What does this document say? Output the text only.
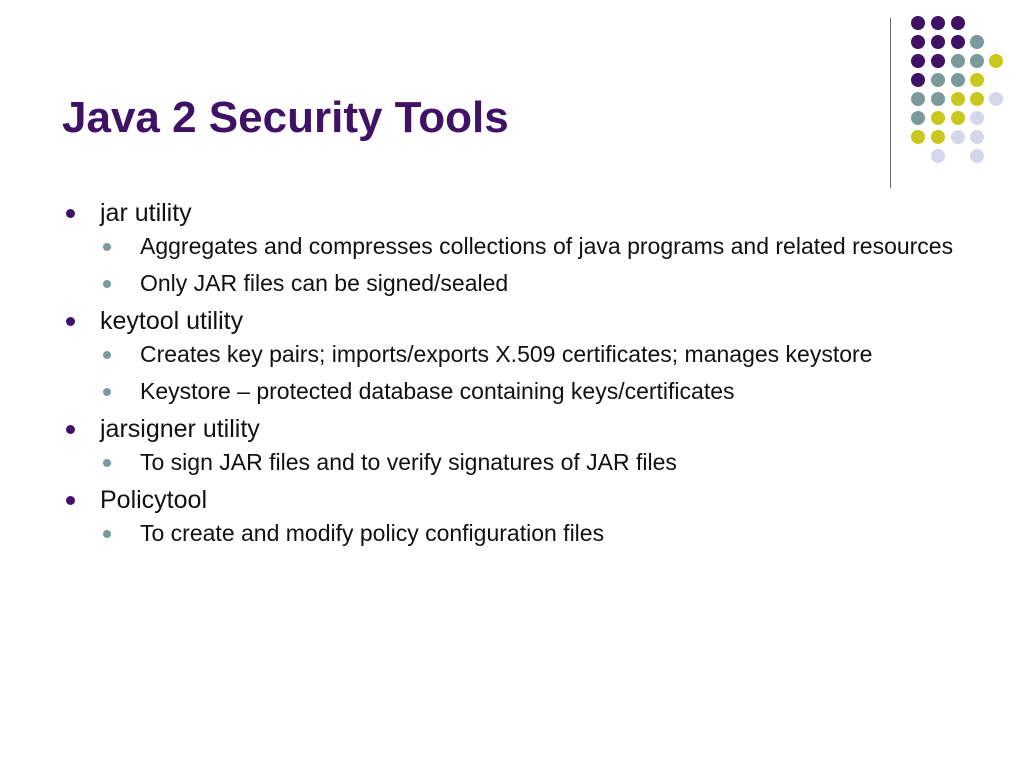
Java 2 Security Tools
jar utility
Aggregates and compresses collections of java programs and related resources
Only JAR files can be signed/sealed
keytool utility
Creates key pairs; imports/exports X.509 certificates; manages keystore
Keystore – protected database containing keys/certificates
jarsigner utility
To sign JAR files and to verify signatures of JAR files
Policytool
To create and modify policy configuration files
